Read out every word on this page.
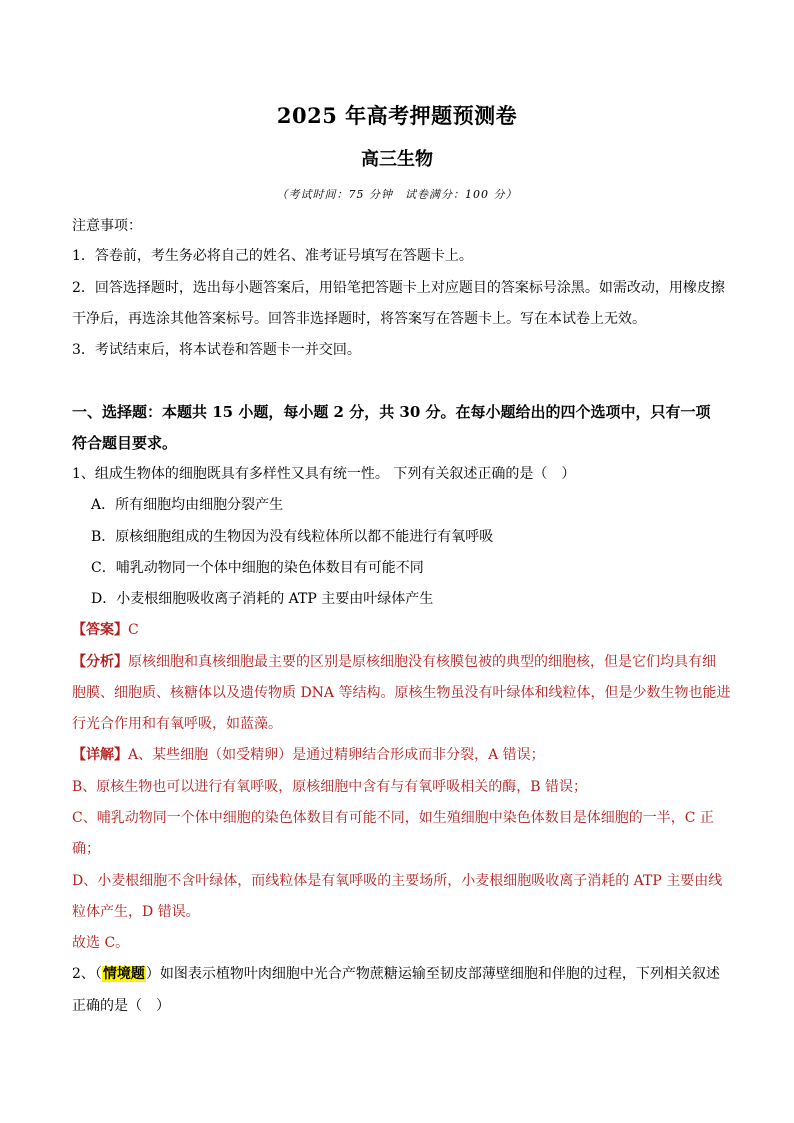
2025 年高考押题预测卷
高三生物
（考试时间：75 分钟　试卷满分：100 分）
注意事项：
1．答卷前，考生务必将自己的姓名、准考证号填写在答题卡上。
2．回答选择题时，选出每小题答案后，用铅笔把答题卡上对应题目的答案标号涂黑。如需改动，用橡皮擦
干净后，再选涂其他答案标号。回答非选择题时，将答案写在答题卡上。写在本试卷上无效。
3．考试结束后，将本试卷和答题卡一并交回。
一、选择题：本题共 15 小题，每小题 2 分，共 30 分。在每小题给出的四个选项中，只有一项
符合题目要求。
1、组成生物体的细胞既具有多样性又具有统一性。 下列有关叙述正确的是（　）
A．所有细胞均由细胞分裂产生
B．原核细胞组成的生物因为没有线粒体所以都不能进行有氧呼吸
C．哺乳动物同一个体中细胞的染色体数目有可能不同
D．小麦根细胞吸收离子消耗的 ATP 主要由叶绿体产生
【答案】C
【分析】原核细胞和真核细胞最主要的区别是原核细胞没有核膜包被的典型的细胞核，但是它们均具有细
胞膜、细胞质、核糖体以及遗传物质 DNA 等结构。原核生物虽没有叶绿体和线粒体，但是少数生物也能进
行光合作用和有氧呼吸，如蓝藻。
【详解】A、某些细胞（如受精卵）是通过精卵结合形成而非分裂，A 错误；
B、原核生物也可以进行有氧呼吸，原核细胞中含有与有氧呼吸相关的酶，B 错误；
C、哺乳动物同一个体中细胞的染色体数目有可能不同，如生殖细胞中染色体数目是体细胞的一半，C 正
确；
D、小麦根细胞不含叶绿体，而线粒体是有氧呼吸的主要场所，小麦根细胞吸收离子消耗的 ATP 主要由线
粒体产生，D 错误。
故选 C。
2、（情境题）如图表示植物叶肉细胞中光合产物蔗糖运输至韧皮部薄壁细胞和伴胞的过程，下列相关叙述
正确的是（　）
